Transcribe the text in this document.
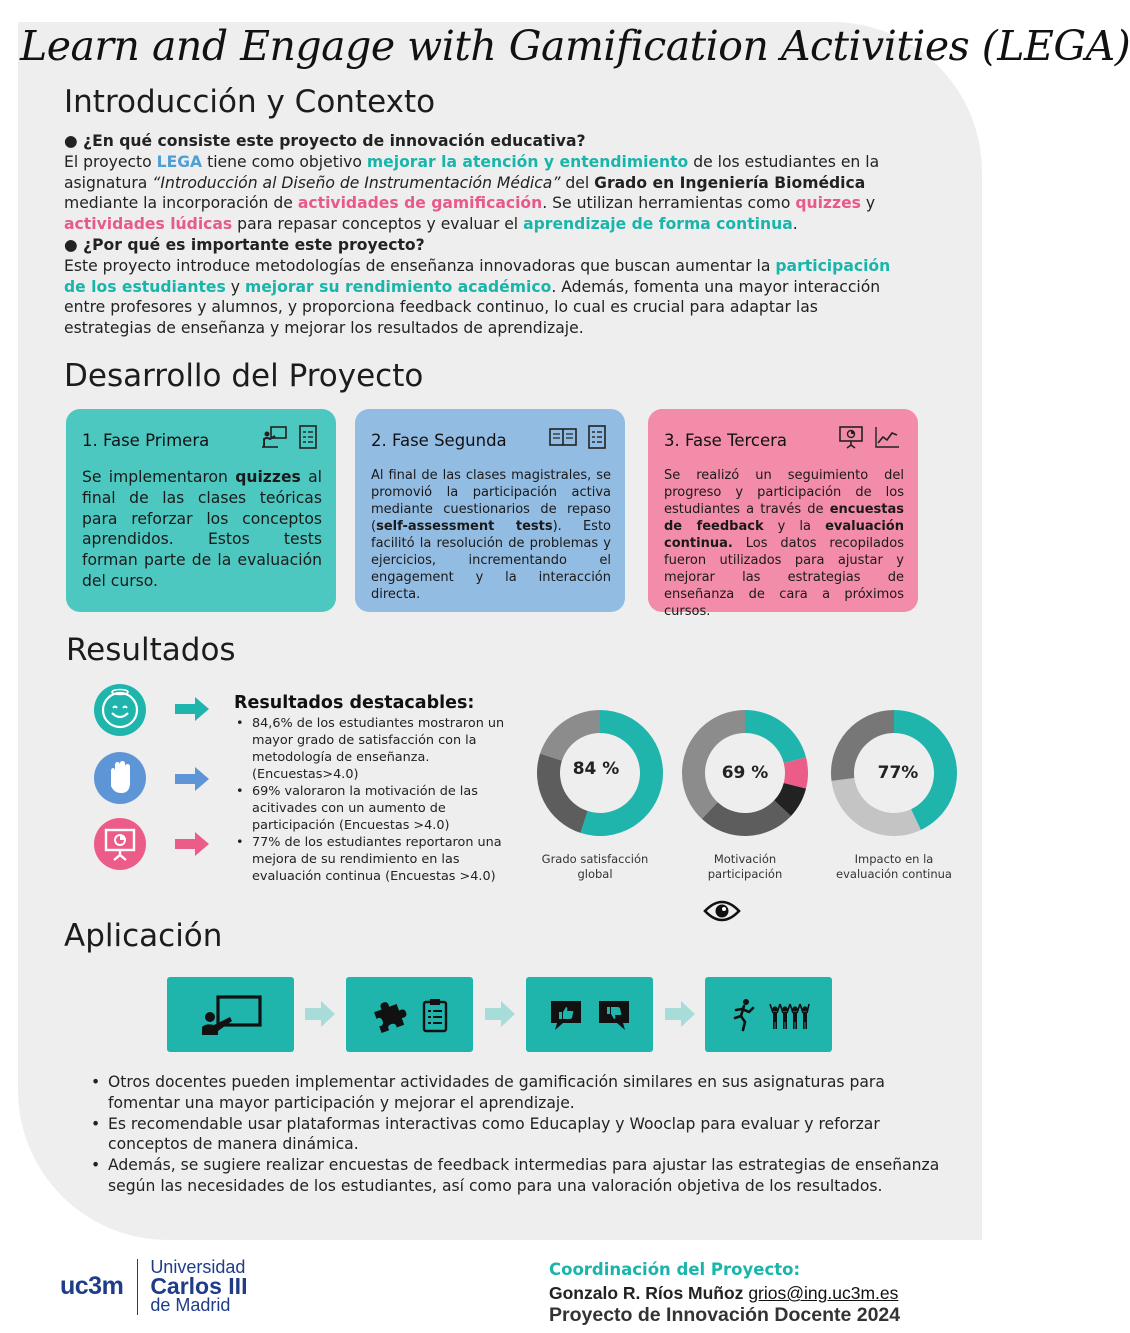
Learn and Engage with Gamification Activities (LEGA)
Introducción y Contexto

● ¿En qué consiste este proyecto de innovación educativa?

El proyecto LEGA tiene como objetivo mejorar la atención y entendimiento de los estudiantes en la asignatura “Introducción al Diseño de Instrumentación Médica” del Grado en Ingeniería Biomédica mediante la incorporación de actividades de gamificación. Se utilizan herramientas como quizzes y actividades lúdicas para repasar conceptos y evaluar el aprendizaje de forma continua.

● ¿Por qué es importante este proyecto?

Este proyecto introduce metodologías de enseñanza innovadoras que buscan aumentar la participación de los estudiantes y mejorar su rendimiento académico. Además, fomenta una mayor interacción entre profesores y alumnos, y proporciona feedback continuo, lo cual es crucial para adaptar las estrategias de enseñanza y mejorar los resultados de aprendizaje.

Desarrollo del Proyecto
1. Fase Primera
Se implementaron quizzes al final de las clases teóricas para reforzar los conceptos aprendidos. Estos tests forman parte de la evaluación del curso.
2. Fase Segunda
Al final de las clases magistrales, se promovió la participación activa mediante cuestionarios de repaso (self-assessment tests). Esto facilitó la resolución de problemas y ejercicios, incrementando el engagement y la interacción directa.
3. Fase Tercera
Se realizó un seguimiento del progreso y participación de los estudiantes a través de encuestas de feedback y la evaluación continua. Los datos recopilados fueron utilizados para ajustar y mejorar las estrategias de enseñanza de cara a próximos cursos.
Resultados
Resultados destacables:
• 84,6% de los estudiantes mostraron un mayor grado de satisfacción con la metodología de enseñanza. (Encuestas>4.0)
• 69% valoraron la motivación de las acitivades con un aumento de participación (Encuestas >4.0)
• 77% de los estudiantes reportaron una mejora de su rendimiento en las evaluación continua (Encuestas >4.0)
84 %
Grado satisfacción global
69 %
Motivación participación
77%
Impacto en la evaluación continua
Aplicación
• Otros docentes pueden implementar actividades de gamificación similares en sus asignaturas para fomentar una mayor participación y mejorar el aprendizaje.
• Es recomendable usar plataformas interactivas como Educaplay y Wooclap para evaluar y reforzar conceptos de manera dinámica.
• Además, se sugiere realizar encuestas de feedback intermedias para ajustar las estrategias de enseñanza según las necesidades de los estudiantes, así como para una valoración objetiva de los resultados.
uc3m
Universidad
Carlos III
de Madrid
Coordinación del Proyecto:
Gonzalo R. Ríos Muñoz grios@ing.uc3m.es
Proyecto de Innovación Docente 2024
